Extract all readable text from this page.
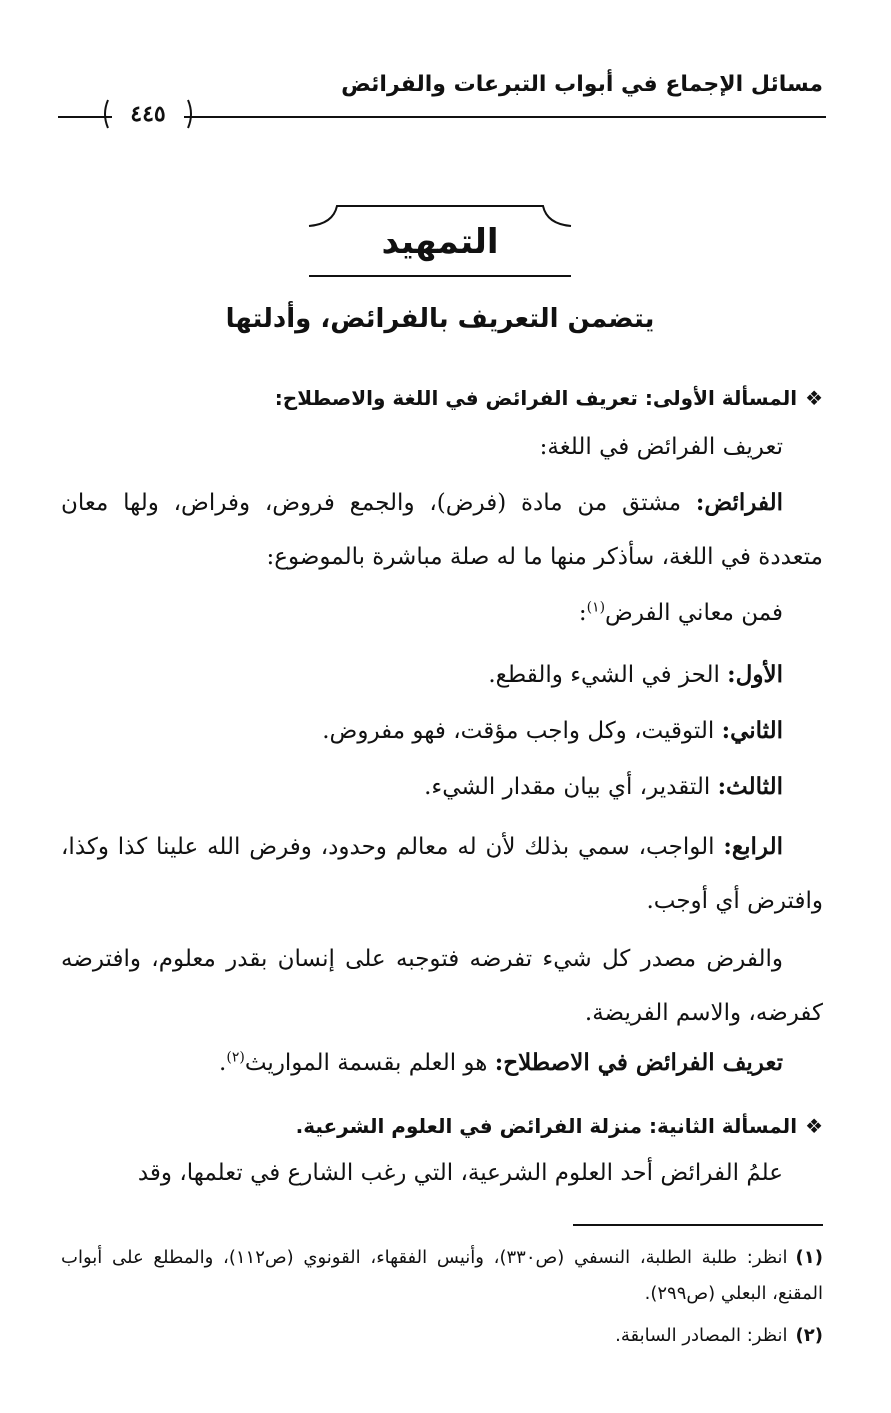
مسائل الإجماع في أبواب التبرعات والفرائض
٤٤٥
التمهيد
يتضمن التعريف بالفرائض، وأدلتها
❖المسألة الأولى: تعريف الفرائض في اللغة والاصطلاح:
تعريف الفرائض في اللغة:
الفرائض: مشتق من مادة (فرض)، والجمع فروض، وفراض، ولها معان متعددة في اللغة، سأذكر منها ما له صلة مباشرة بالموضوع:
فمن معاني الفرض$^{(١)}$:
الأول: الحز في الشيء والقطع.
الثاني: التوقيت، وكل واجب مؤقت، فهو مفروض.
الثالث: التقدير، أي بيان مقدار الشيء.
الرابع: الواجب، سمي بذلك لأن له معالم وحدود، وفرض الله علينا كذا وكذا، وافترض أي أوجب.
والفرض مصدر كل شيء تفرضه فتوجبه على إنسان بقدر معلوم، وافترضه كفرضه، والاسم الفريضة.
تعريف الفرائض في الاصطلاح: هو العلم بقسمة المواريث$^{(٢)}$.
❖المسألة الثانية: منزلة الفرائض في العلوم الشرعية.
علمُ الفرائض أحد العلوم الشرعية، التي رغب الشارع في تعلمها، وقد
(١)انظر: طلبة الطلبة، النسفي (ص٣٣٠)، وأنيس الفقهاء، القونوي (ص١١٢)، والمطلع على أبواب المقنع، البعلي (ص٢٩٩).
(٢)انظر: المصادر السابقة.
